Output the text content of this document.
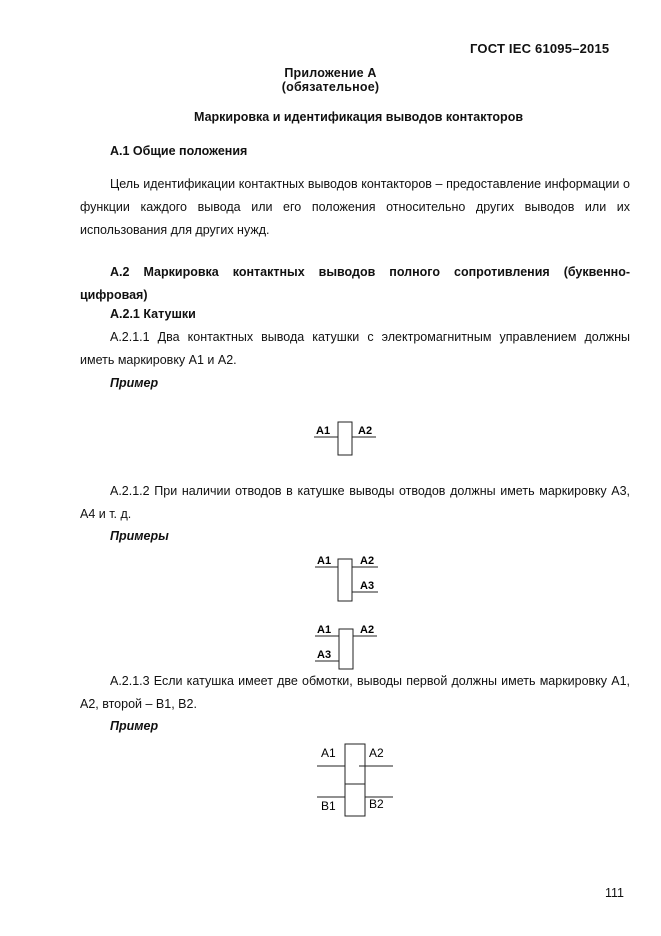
ГОСТ IEC 61095–2015
Приложение А
(обязательное)
Маркировка и идентификация выводов контакторов
А.1 Общие положения
Цель идентификации контактных выводов контакторов – предоставление информации о функции каждого вывода или его положения относительно других выводов или их использования для других нужд.
А.2 Маркировка контактных выводов полного сопротивления (буквенно-цифровая)
А.2.1 Катушки
А.2.1.1 Два контактных вывода катушки с электромагнитным управлением должны иметь маркировку А1 и А2.
Пример
A1	A2
А.2.1.2 При наличии отводов в катушке выводы отводов должны иметь маркировку А3, А4 и т. д.
Примеры
A1	A2
A3
A1	A2
A3
А.2.1.3 Если катушка имеет две обмотки, выводы первой должны иметь маркировку А1, А2, второй – В1, В2.
Пример
A1	A2
B1	B2
111
